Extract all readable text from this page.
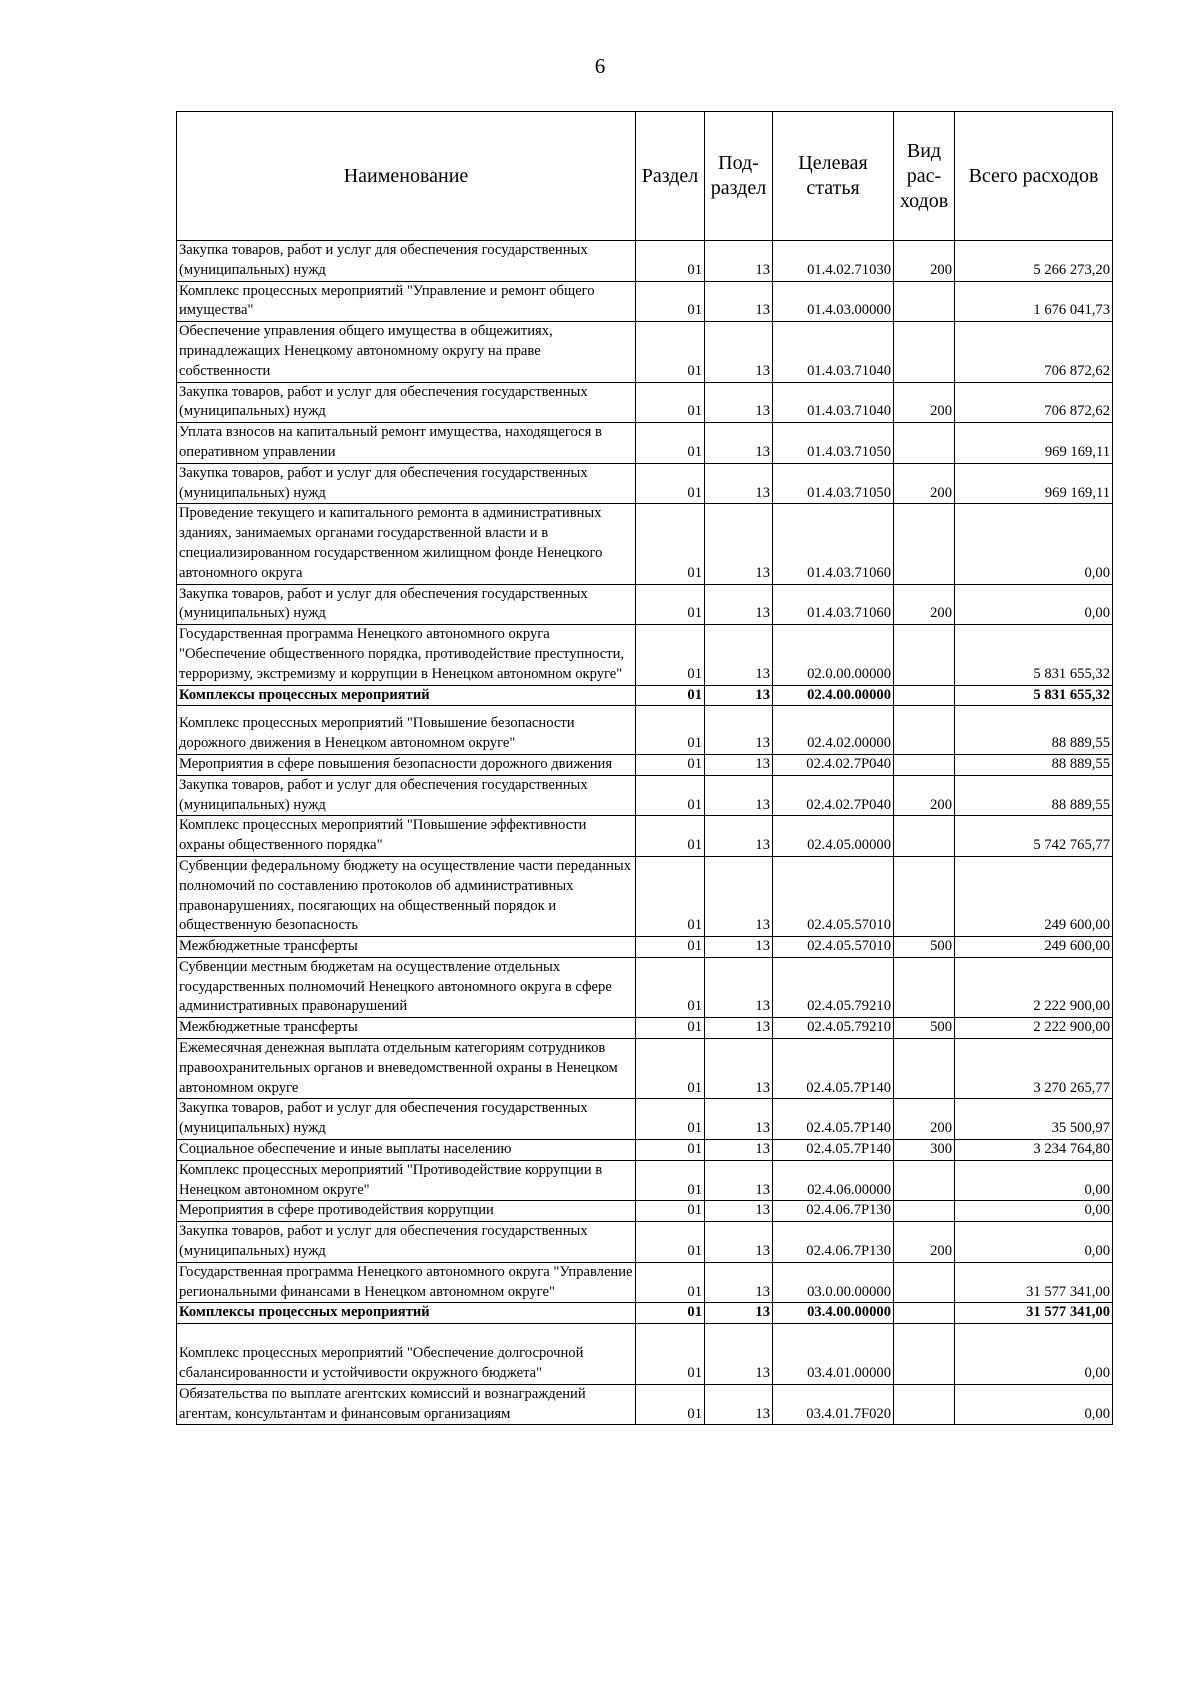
6
Наименование	Раздел	Под-раздел	Целевая статья	Вид рас-ходов	Всего расходов
Закупка товаров, работ и услуг для обеспечения государственных (муниципальных) нужд	01	13	01.4.02.71030	200	5 266 273,20
Комплекс процессных мероприятий "Управление и ремонт общего имущества"	01	13	01.4.03.00000		1 676 041,73
Обеспечение управления общего имущества в общежитиях, принадлежащих Ненецкому автономному округу на праве собственности	01	13	01.4.03.71040		706 872,62
Закупка товаров, работ и услуг для обеспечения государственных (муниципальных) нужд	01	13	01.4.03.71040	200	706 872,62
Уплата взносов на капитальный ремонт имущества, находящегося в оперативном управлении	01	13	01.4.03.71050		969 169,11
Закупка товаров, работ и услуг для обеспечения государственных (муниципальных) нужд	01	13	01.4.03.71050	200	969 169,11
Проведение текущего и капитального ремонта в административных зданиях, занимаемых органами государственной власти и в специализированном государственном жилищном фонде Ненецкого автономного округа	01	13	01.4.03.71060		0,00
Закупка товаров, работ и услуг для обеспечения государственных (муниципальных) нужд	01	13	01.4.03.71060	200	0,00
Государственная программа Ненецкого автономного округа "Обеспечение общественного порядка, противодействие преступности, терроризму, экстремизму и коррупции в Ненецком автономном округе"	01	13	02.0.00.00000		5 831 655,32
Комплексы процессных мероприятий	01	13	02.4.00.00000		5 831 655,32
Комплекс процессных мероприятий "Повышение безопасности дорожного движения в Ненецком автономном округе"	01	13	02.4.02.00000		88 889,55
Мероприятия в сфере повышения безопасности дорожного движения	01	13	02.4.02.7Р040		88 889,55
Закупка товаров, работ и услуг для обеспечения государственных (муниципальных) нужд	01	13	02.4.02.7Р040	200	88 889,55
Комплекс процессных мероприятий "Повышение эффективности охраны общественного порядка"	01	13	02.4.05.00000		5 742 765,77
Субвенции федеральному бюджету на осуществление части переданных полномочий по составлению протоколов об административных правонарушениях, посягающих на общественный порядок и общественную безопасность	01	13	02.4.05.57010		249 600,00
Межбюджетные трансферты	01	13	02.4.05.57010	500	249 600,00
Субвенции местным бюджетам на осуществление отдельных государственных полномочий Ненецкого автономного округа в сфере административных правонарушений	01	13	02.4.05.79210		2 222 900,00
Межбюджетные трансферты	01	13	02.4.05.79210	500	2 222 900,00
Ежемесячная денежная выплата отдельным категориям сотрудников правоохранительных органов и вневедомственной охраны в Ненецком автономном округе	01	13	02.4.05.7Р140		3 270 265,77
Закупка товаров, работ и услуг для обеспечения государственных (муниципальных) нужд	01	13	02.4.05.7Р140	200	35 500,97
Социальное обеспечение и иные выплаты населению	01	13	02.4.05.7Р140	300	3 234 764,80
Комплекс процессных мероприятий "Противодействие коррупции в Ненецком автономном округе"	01	13	02.4.06.00000		0,00
Мероприятия в сфере противодействия коррупции	01	13	02.4.06.7Р130		0,00
Закупка товаров, работ и услуг для обеспечения государственных (муниципальных) нужд	01	13	02.4.06.7Р130	200	0,00
Государственная программа Ненецкого автономного округа "Управление региональными финансами в Ненецком автономном округе"	01	13	03.0.00.00000		31 577 341,00
Комплексы процессных мероприятий	01	13	03.4.00.00000		31 577 341,00
Комплекс процессных мероприятий "Обеспечение долгосрочной сбалансированности и устойчивости окружного бюджета"	01	13	03.4.01.00000		0,00
Обязательства по выплате агентских комиссий и вознаграждений агентам, консультантам и финансовым организациям	01	13	03.4.01.7F020		0,00
